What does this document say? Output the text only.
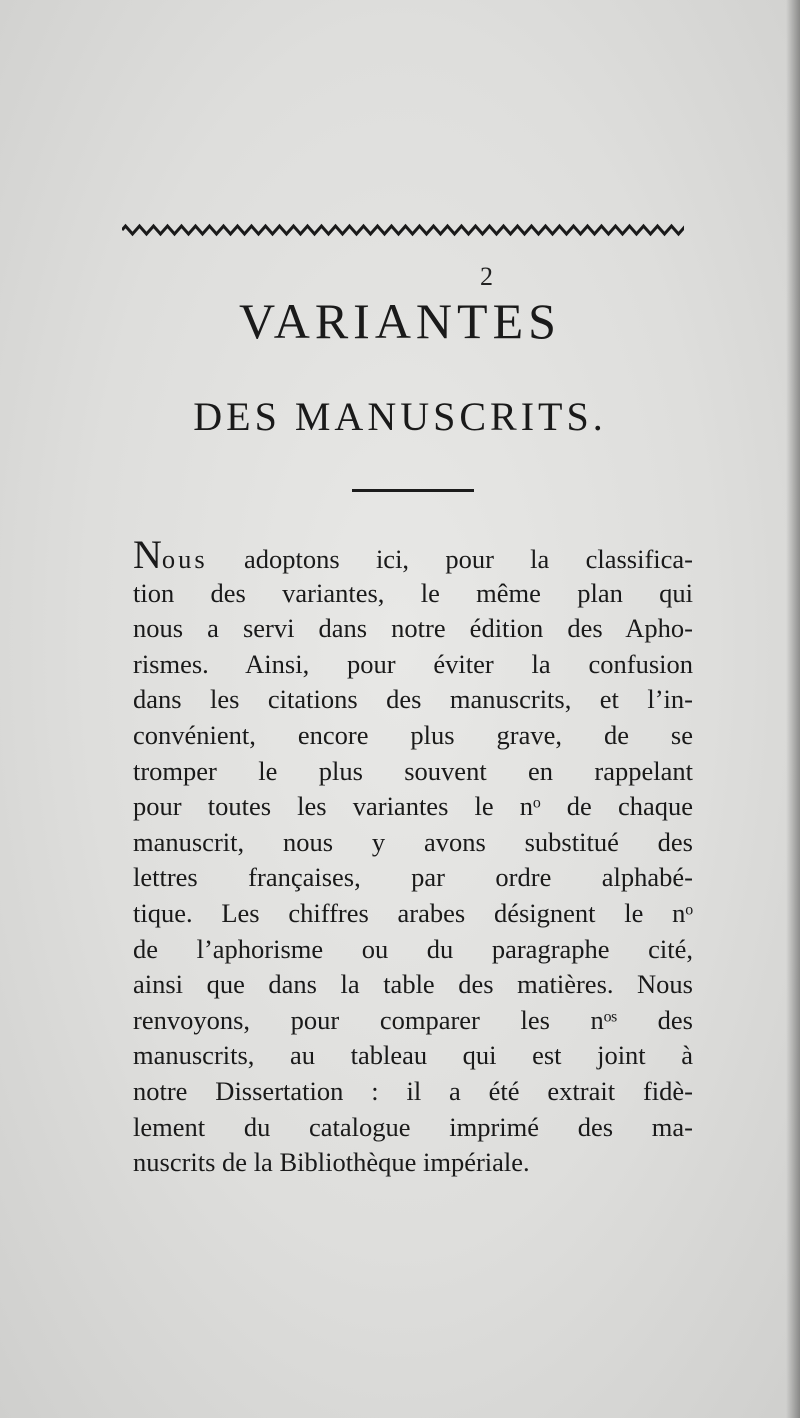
2
VARIANTES
DES MANUSCRITS.
Nous adoptons ici, pour la classifica-
tion des variantes, le même plan qui
nous a servi dans notre édition des Apho-
rismes. Ainsi, pour éviter la confusion
dans les citations des manuscrits, et l’in-
convénient, encore plus grave, de se
tromper le plus souvent en rappelant
pour toutes les variantes le nᵒ de chaque
manuscrit, nous y avons substitué des
lettres françaises, par ordre alphabé-
tique. Les chiffres arabes désignent le nᵒ
de l’aphorisme ou du paragraphe cité,
ainsi que dans la table des matières. Nous
renvoyons, pour comparer les nᵒˢ des
manuscrits, au tableau qui est joint à
notre Dissertation : il a été extrait fidè-
lement du catalogue imprimé des ma-
nuscrits de la Bibliothèque impériale.
